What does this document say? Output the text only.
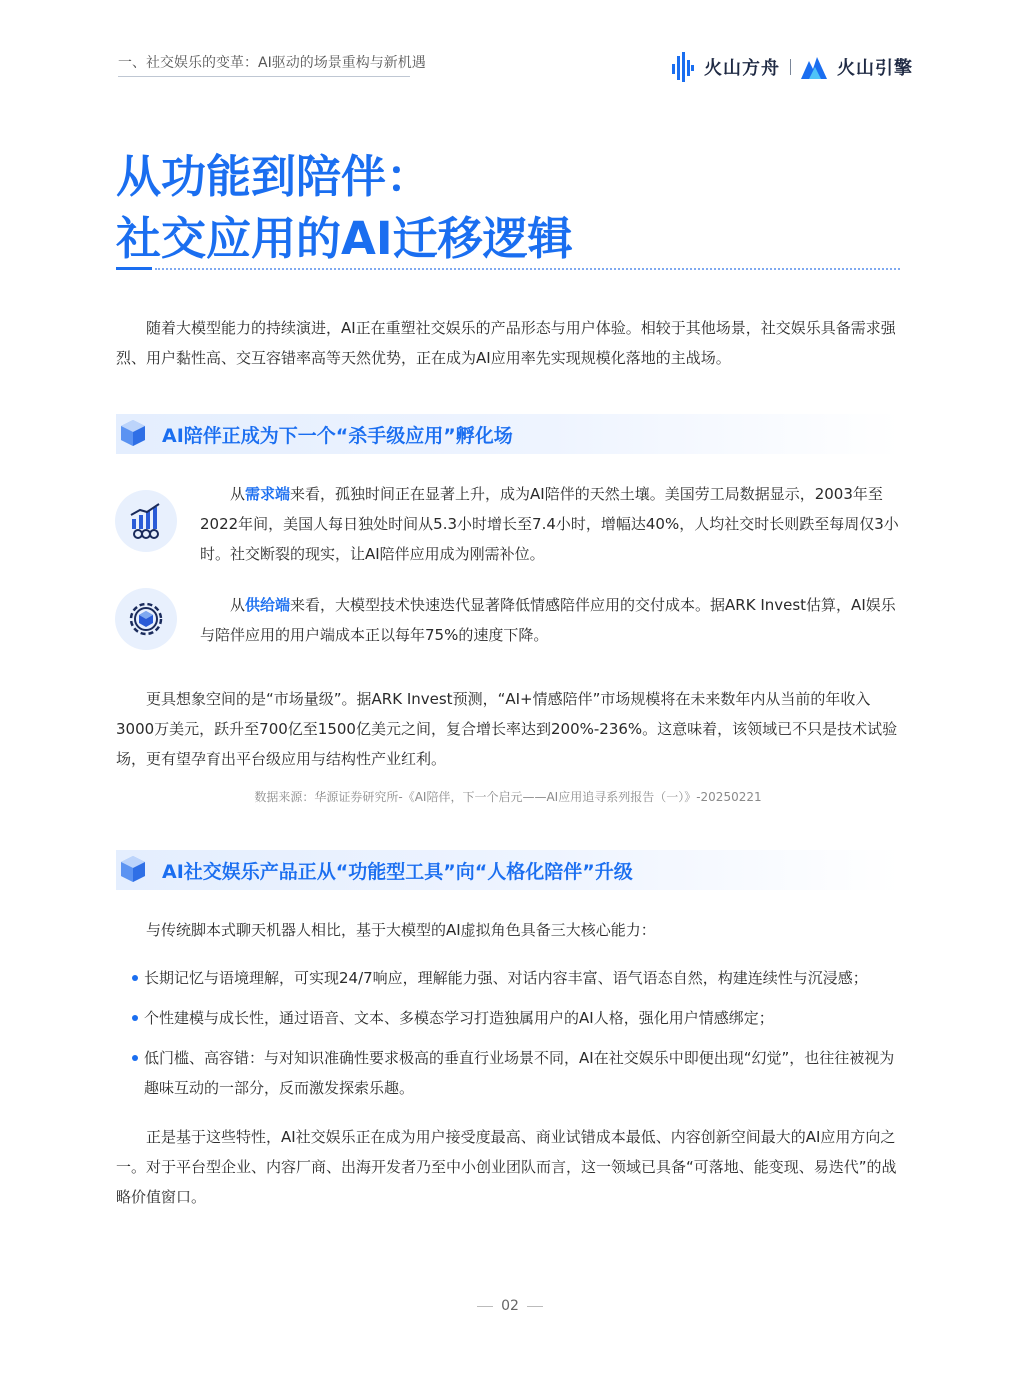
一、社交娱乐的变革：AI驱动的场景重构与新机遇	火山方舟	火山引擎
从功能到陪伴：
社交应用的AI迁移逻辑
随着大模型能力的持续演进，AI正在重塑社交娱乐的产品形态与用户体验。相较于其他场景，社交娱乐具备需求强烈、用户黏性高、交互容错率高等天然优势，正在成为AI应用率先实现规模化落地的主战场。
AI陪伴正成为下一个“杀手级应用”孵化场
从需求端来看，孤独时间正在显著上升，成为AI陪伴的天然土壤。美国劳工局数据显示，2003年至2022年间，美国人每日独处时间从5.3小时增长至7.4小时，增幅达40%，人均社交时长则跌至每周仅3小时。社交断裂的现实，让AI陪伴应用成为刚需补位。
从供给端来看，大模型技术快速迭代显著降低情感陪伴应用的交付成本。据ARK Invest估算，AI娱乐与陪伴应用的用户端成本正以每年75%的速度下降。
更具想象空间的是“市场量级”。据ARK Invest预测，“AI+情感陪伴”市场规模将在未来数年内从当前的年收入3000万美元，跃升至700亿至1500亿美元之间，复合增长率达到200%-236%。这意味着，该领域已不只是技术试验场，更有望孕育出平台级应用与结构性产业红利。
数据来源：华源证券研究所-《AI陪伴，下一个启元——AI应用追寻系列报告（一）》-20250221
AI社交娱乐产品正从“功能型工具”向“人格化陪伴”升级
与传统脚本式聊天机器人相比，基于大模型的AI虚拟角色具备三大核心能力：
长期记忆与语境理解，可实现24/7响应，理解能力强、对话内容丰富、语气语态自然，构建连续性与沉浸感；
个性建模与成长性，通过语音、文本、多模态学习打造独属用户的AI人格，强化用户情感绑定；
低门槛、高容错：与对知识准确性要求极高的垂直行业场景不同，AI在社交娱乐中即便出现“幻觉”，也往往被视为趣味互动的一部分，反而激发探索乐趣。
正是基于这些特性，AI社交娱乐正在成为用户接受度最高、商业试错成本最低、内容创新空间最大的AI应用方向之一。对于平台型企业、内容厂商、出海开发者乃至中小创业团队而言，这一领域已具备“可落地、能变现、易迭代”的战略价值窗口。
02
